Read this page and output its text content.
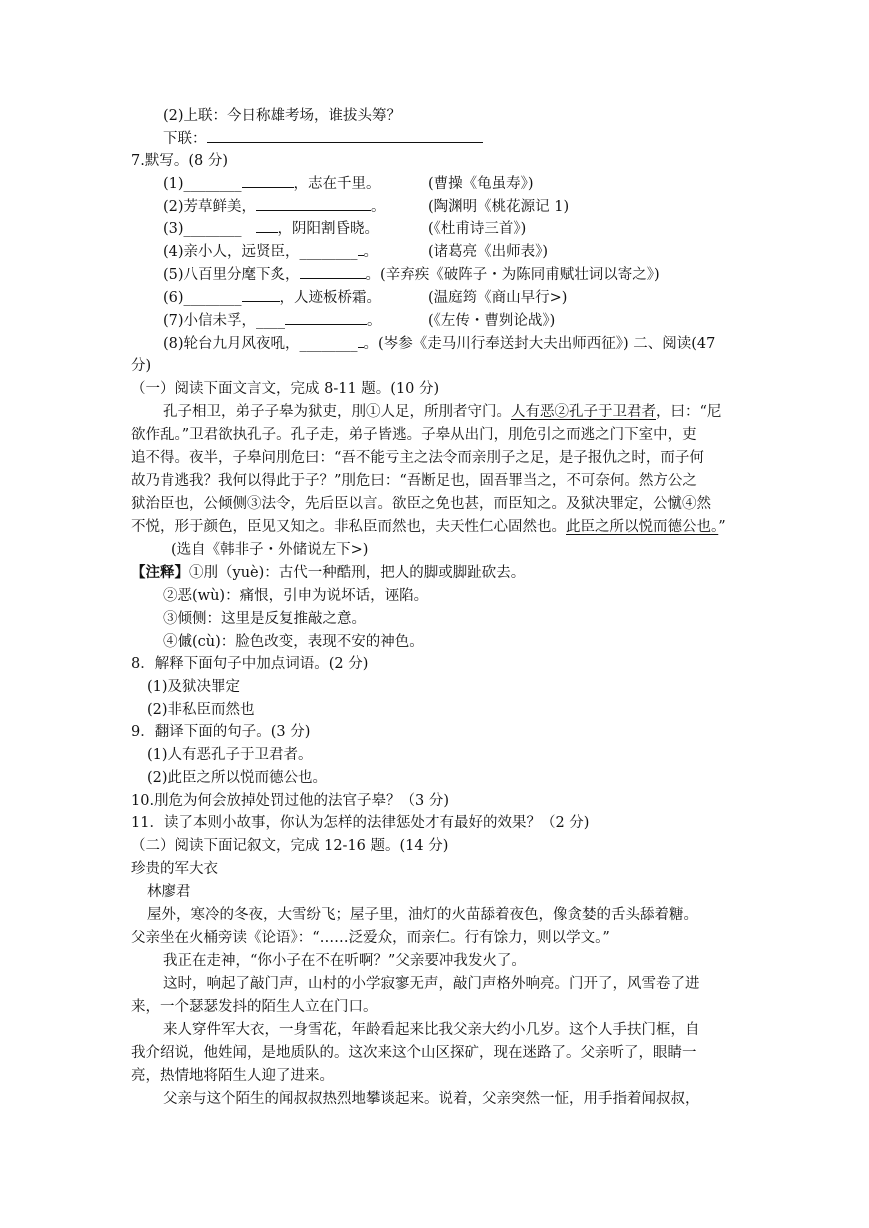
(2)上联：今日称雄考场，谁拔头筹？
下联：
7.默写。(8 分)
(1)________	，志在千里。	(曹操《龟虽寿》)
(2)芳草鲜美，	。	(陶渊明《桃花源记 1)
(3)________ ，阴阳割昏晓。	(《杜甫诗三首》)
(4)亲小人，远贤臣，________ 。	(诸葛亮《出师表》)
(5)八百里分麾下炙，	。(辛弃疾《破阵子・为陈同甫赋壮词以寄之》)
(6)________	，人迹板桥霜。	(温庭筠《商山早行>)
(7)小信未孚，____	。	(《左传・曹刿论战》)
(8)轮台九月风夜吼，________ 。(岑参《走马川行奉送封大夫出师西征》) 二、阅读(47
分)
（一）阅读下面文言文，完成 8-11 题。(10 分)
孔子相卫，弟子子皋为狱吏，刖①人足，所刖者守门。人有恶②孔子于卫君者，曰：“尼
欲作乱。”卫君欲执孔子。孔子走，弟子皆逃。子皋从出门，刖危引之而逃之门下室中，吏
追不得。夜半，子皋问刖危曰：“吾不能亏主之法令而亲刖子之足，是子报仇之时，而子何
故乃肯逃我？我何以得此于子？”刖危曰：“吾断足也，固吾罪当之，不可奈何。然方公之
狱治臣也，公倾侧③法令，先后臣以言。欲臣之免也甚，而臣知之。及狱决罪定，公憱④然
不悦，形于颜色，臣见又知之。非私臣而然也，夫天性仁心固然也。此臣之所以悦而德公也。”
(选自《韩非子・外储说左下>)
【注释】①刖（yuè)：古代一种酷刑，把人的脚或脚趾砍去。
②恶(wù)：痛恨，引申为说坏话，诬陷。
③倾侧：这里是反复推敲之意。
④傶(cù)：脸色改变，表现不安的神色。
8．解释下面句子中加点词语。(2 分)
(1)及狱决罪定
(2)非私臣而然也
9．翻译下面的句子。(3 分)
(1)人有恶孔子于卫君者。
(2)此臣之所以悦而德公也。
10.刖危为何会放掉处罚过他的法官子皋？（3 分)
11．读了本则小故事，你认为怎样的法律惩处才有最好的效果？（2 分)
（二）阅读下面记叙文，完成 12-16 题。(14 分)
珍贵的军大衣
林廖君
屋外，寒冷的冬夜，大雪纷飞；屋子里，油灯的火苗舔着夜色，像贪婪的舌头舔着糖。
父亲坐在火桶旁读《论语》：“……泛爱众，而亲仁。行有馀力，则以学文。”
我正在走神，“你小子在不在听啊？”父亲要冲我发火了。
这时，响起了敲门声，山村的小学寂寥无声，敲门声格外响亮。门开了，风雪卷了进
来，一个瑟瑟发抖的陌生人立在门口。
来人穿件军大衣，一身雪花，年龄看起来比我父亲大约小几岁。这个人手扶门框，自
我介绍说，他姓闻，是地质队的。这次来这个山区探矿，现在迷路了。父亲听了，眼睛一
亮，热情地将陌生人迎了进来。
父亲与这个陌生的闻叔叔热烈地攀谈起来。说着，父亲突然一怔，用手指着闻叔叔，
